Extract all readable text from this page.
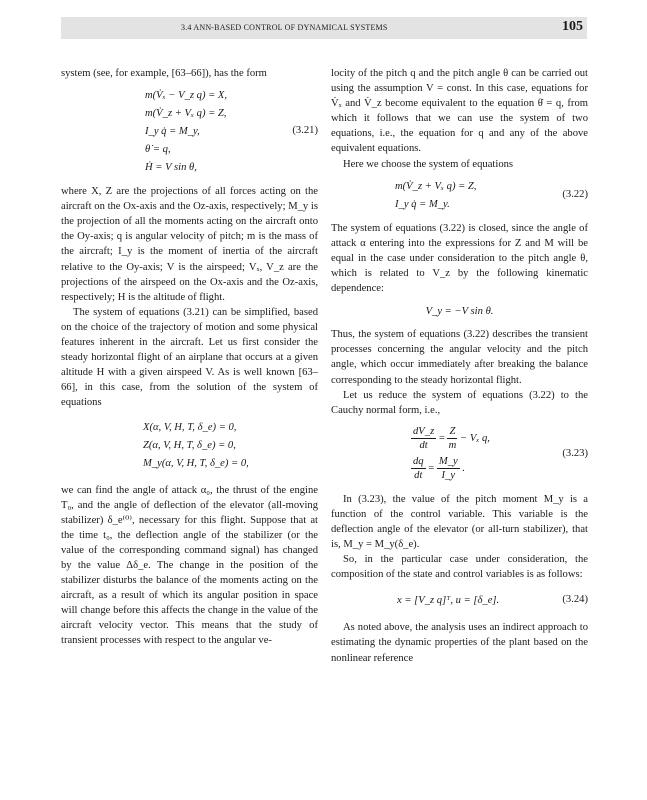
3.4 ANN-BASED CONTROL OF DYNAMICAL SYSTEMS	105

system (see, for example, [63–66]), has the form

m(V̇ₓ − V_z q) = X,
m(V̇_z + Vₓ q) = Z,
I_y q̇ = M_y,
θ̇ = q,
Ḣ = V sin θ,
(3.21)

where X, Z are the projections of all forces acting on the aircraft on the Ox-axis and the Oz-axis, respectively; M_y is the projection of all the moments acting on the aircraft onto the Oy-axis; q is angular velocity of pitch; m is the mass of the aircraft; I_y is the moment of inertia of the aircraft relative to the Oy-axis; V is the airspeed; Vₓ, V_z are the projections of the airspeed on the Ox-axis and the Oz-axis, respectively; H is the altitude of flight.

The system of equations (3.21) can be simplified, based on the choice of the trajectory of motion and some physical features inherent in the aircraft. Let us first consider the steady horizontal flight of an airplane that occurs at a given altitude H with a given airspeed V. As is well known [63–66], in this case, from the solution of the system of equations

X(α, V, H, T, δ_e) = 0,
Z(α, V, H, T, δ_e) = 0,
M_y(α, V, H, T, δ_e) = 0,

we can find the angle of attack α₀, the thrust of the engine T₀, and the angle of deflection of the elevator (all-moving stabilizer) δ_e⁽⁰⁾, necessary for this flight. Suppose that at the time t₀, the deflection angle of the stabilizer (or the value of the corresponding command signal) has changed by the value Δδ_e. The change in the position of the stabilizer disturbs the balance of the moments acting on the aircraft, as a result of which its angular position in space will change before this affects the change in the value of the aircraft velocity vector. This means that the study of transient processes with respect to the angular ve-

locity of the pitch q and the pitch angle θ can be carried out using the assumption V = const. In this case, equations for V̇ₓ and V̇_z become equivalent to the equation θ̇ = q, from which it follows that we can use the system of two equations, i.e., the equation for q and any of the above equivalent equations.

Here we choose the system of equations

m(V̇_z + Vₓ q) = Z,
I_y q̇ = M_y.
(3.22)

The system of equations (3.22) is closed, since the angle of attack α entering into the expressions for Z and M will be equal in the case under consideration to the pitch angle θ, which is related to V_z by the following kinematic dependence:

V_y = −V sin θ.

Thus, the system of equations (3.22) describes the transient processes concerning the angular velocity and the pitch angle, which occur immediately after breaking the balance corresponding to the steady horizontal flight.

Let us reduce the system of equations (3.22) to the Cauchy normal form, i.e.,

$\frac{dV\_z}{dt} = \frac{Z}{m} - V_x$ q,
$\frac{dq}{dt} = \frac{M\_y}{I\_y}$ .
(3.23)

In (3.23), the value of the pitch moment M_y is a function of the control variable. This variable is the deflection angle of the elevator (or all-turn stabilizer), that is, M_y = M_y(δ_e).

So, in the particular case under consideration, the composition of the state and control variables is as follows:

x = [V_z q]ᵀ, u = [δ_e].	(3.24)

As noted above, the analysis uses an indirect approach to estimating the dynamic properties of the plant based on the nonlinear reference
